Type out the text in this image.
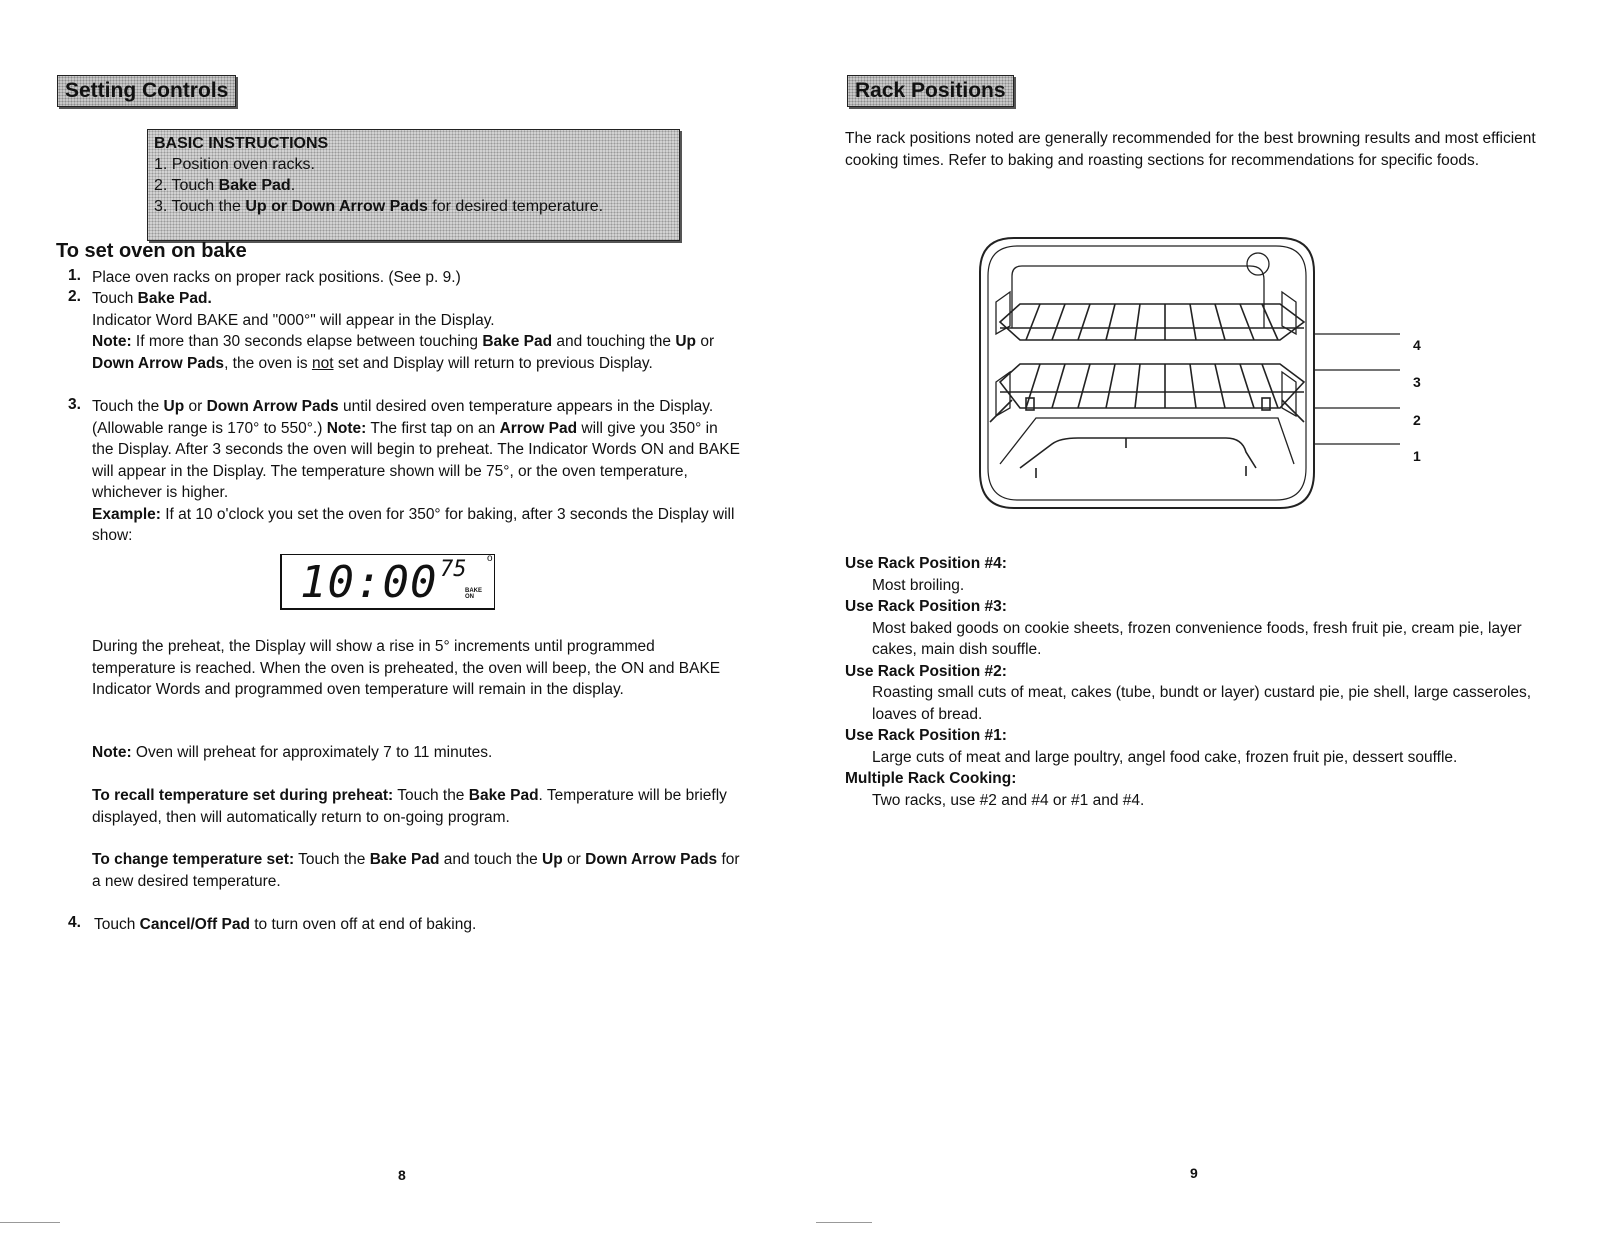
Setting Controls
BASIC INSTRUCTIONS
1. Position oven racks.
2. Touch Bake Pad.
3. Touch the Up or Down Arrow Pads for desired temperature.
To set oven on bake
1. Place oven racks on proper rack positions. (See p. 9.)
2. Touch Bake Pad.
Indicator Word BAKE and "000°" will appear in the Display.
Note: If more than 30 seconds elapse between touching Bake Pad and touching the Up or Down Arrow Pads, the oven is not set and Display will return to previous Display.
3. Touch the Up or Down Arrow Pads until desired oven temperature appears in the Display. (Allowable range is 170° to 550°.) Note: The first tap on an Arrow Pad will give you 350° in the Display. After 3 seconds the oven will begin to preheat. The Indicator Words ON and BAKE will appear in the Display. The temperature shown will be 75°, or the oven temperature, whichever is higher.
Example: If at 10 o'clock you set the oven for 350° for baking, after 3 seconds the Display will show:
10:00 75 o
BAKE
ON
During the preheat, the Display will show a rise in 5° increments until programmed temperature is reached. When the oven is preheated, the oven will beep, the ON and BAKE Indicator Words and programmed oven temperature will remain in the display.
Note: Oven will preheat for approximately 7 to 11 minutes.
To recall temperature set during preheat: Touch the Bake Pad. Temperature will be briefly displayed, then will automatically return to on-going program.
To change temperature set: Touch the Bake Pad and touch the Up or Down Arrow Pads for a new desired temperature.
4. Touch Cancel/Off Pad to turn oven off at end of baking.
8
Rack Positions
The rack positions noted are generally recommended for the best browning results and most efficient cooking times. Refer to baking and roasting sections for recommendations for specific foods.
4
3
2
1
Use Rack Position #4:
Most broiling.
Use Rack Position #3:
Most baked goods on cookie sheets, frozen convenience foods, fresh fruit pie, cream pie, layer cakes, main dish souffle.
Use Rack Position #2:
Roasting small cuts of meat, cakes (tube, bundt or layer) custard pie, pie shell, large casseroles, loaves of bread.
Use Rack Position #1:
Large cuts of meat and large poultry, angel food cake, frozen fruit pie, dessert souffle.
Multiple Rack Cooking:
Two racks, use #2 and #4 or #1 and #4.
9
